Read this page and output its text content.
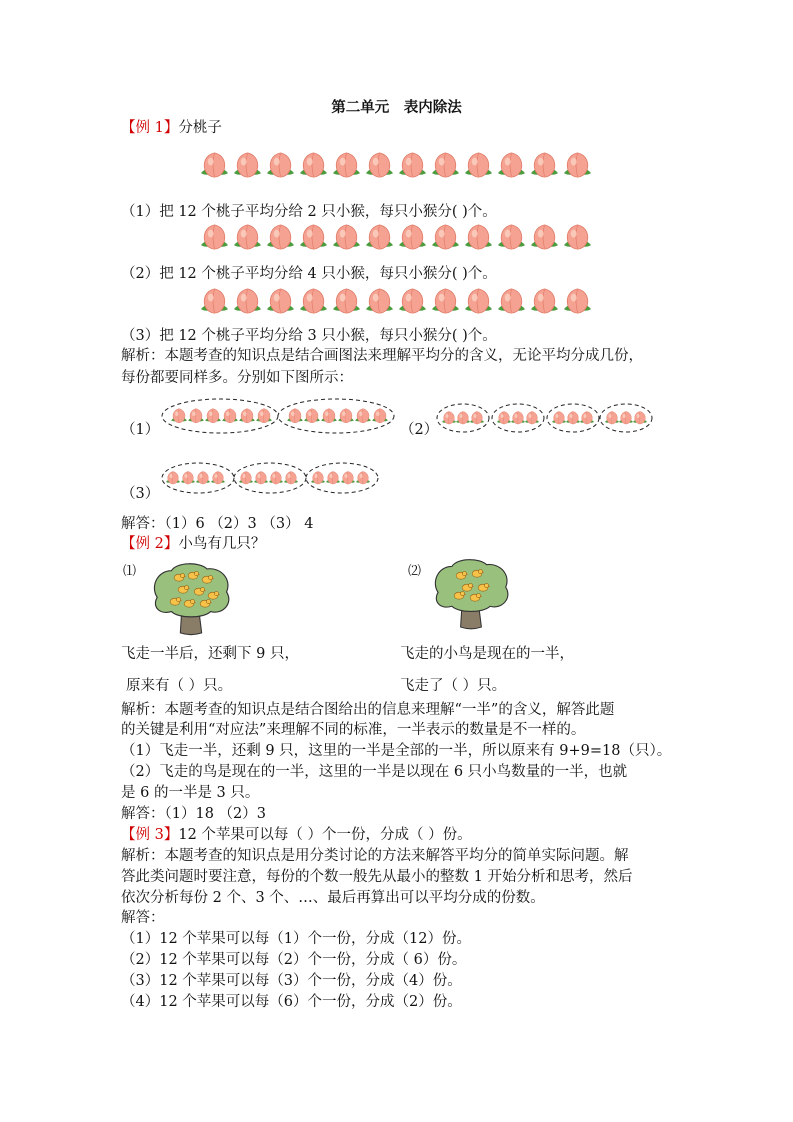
第二单元　表内除法
【例 1】分桃子
（1）把 12 个桃子平均分给 2 只小猴，每只小猴分( )个。
（2）把 12 个桃子平均分给 4 只小猴，每只小猴分( )个。
（3）把 12 个桃子平均分给 3 只小猴，每只小猴分( )个。
解析：本题考查的知识点是结合画图法来理解平均分的含义，无论平均分成几份，
每份都要同样多。分别如下图所示：
（1）	（2）
（3）
解答：（1）6 （2）3 （3） 4
【例 2】小鸟有几只？
⑴	⑵
飞走一半后，还剩下 9 只，
原来有（ ）只。
飞走的小鸟是现在的一半，
飞走了（ ）只。
解析：本题考查的知识点是结合图给出的信息来理解“一半”的含义，解答此题
的关键是利用“对应法”来理解不同的标准，一半表示的数量是不一样的。
（1）飞走一半，还剩 9 只，这里的一半是全部的一半，所以原来有 9+9=18（只）。
（2）飞走的鸟是现在的一半，这里的一半是以现在 6 只小鸟数量的一半，也就
是 6 的一半是 3 只。
解答：（1）18 （2）3
【例 3】12 个苹果可以每（ ）个一份，分成（ ）份。
解析：本题考查的知识点是用分类讨论的方法来解答平均分的简单实际问题。解
答此类问题时要注意，每份的个数一般先从最小的整数 1 开始分析和思考，然后
依次分析每份 2 个、3 个、…、最后再算出可以平均分成的份数。
解答：
（1）12 个苹果可以每（1）个一份，分成（12）份。
（2）12 个苹果可以每（2）个一份，分成（ 6）份。
（3）12 个苹果可以每（3）个一份，分成（4）份。
（4）12 个苹果可以每（6）个一份，分成（2）份。
